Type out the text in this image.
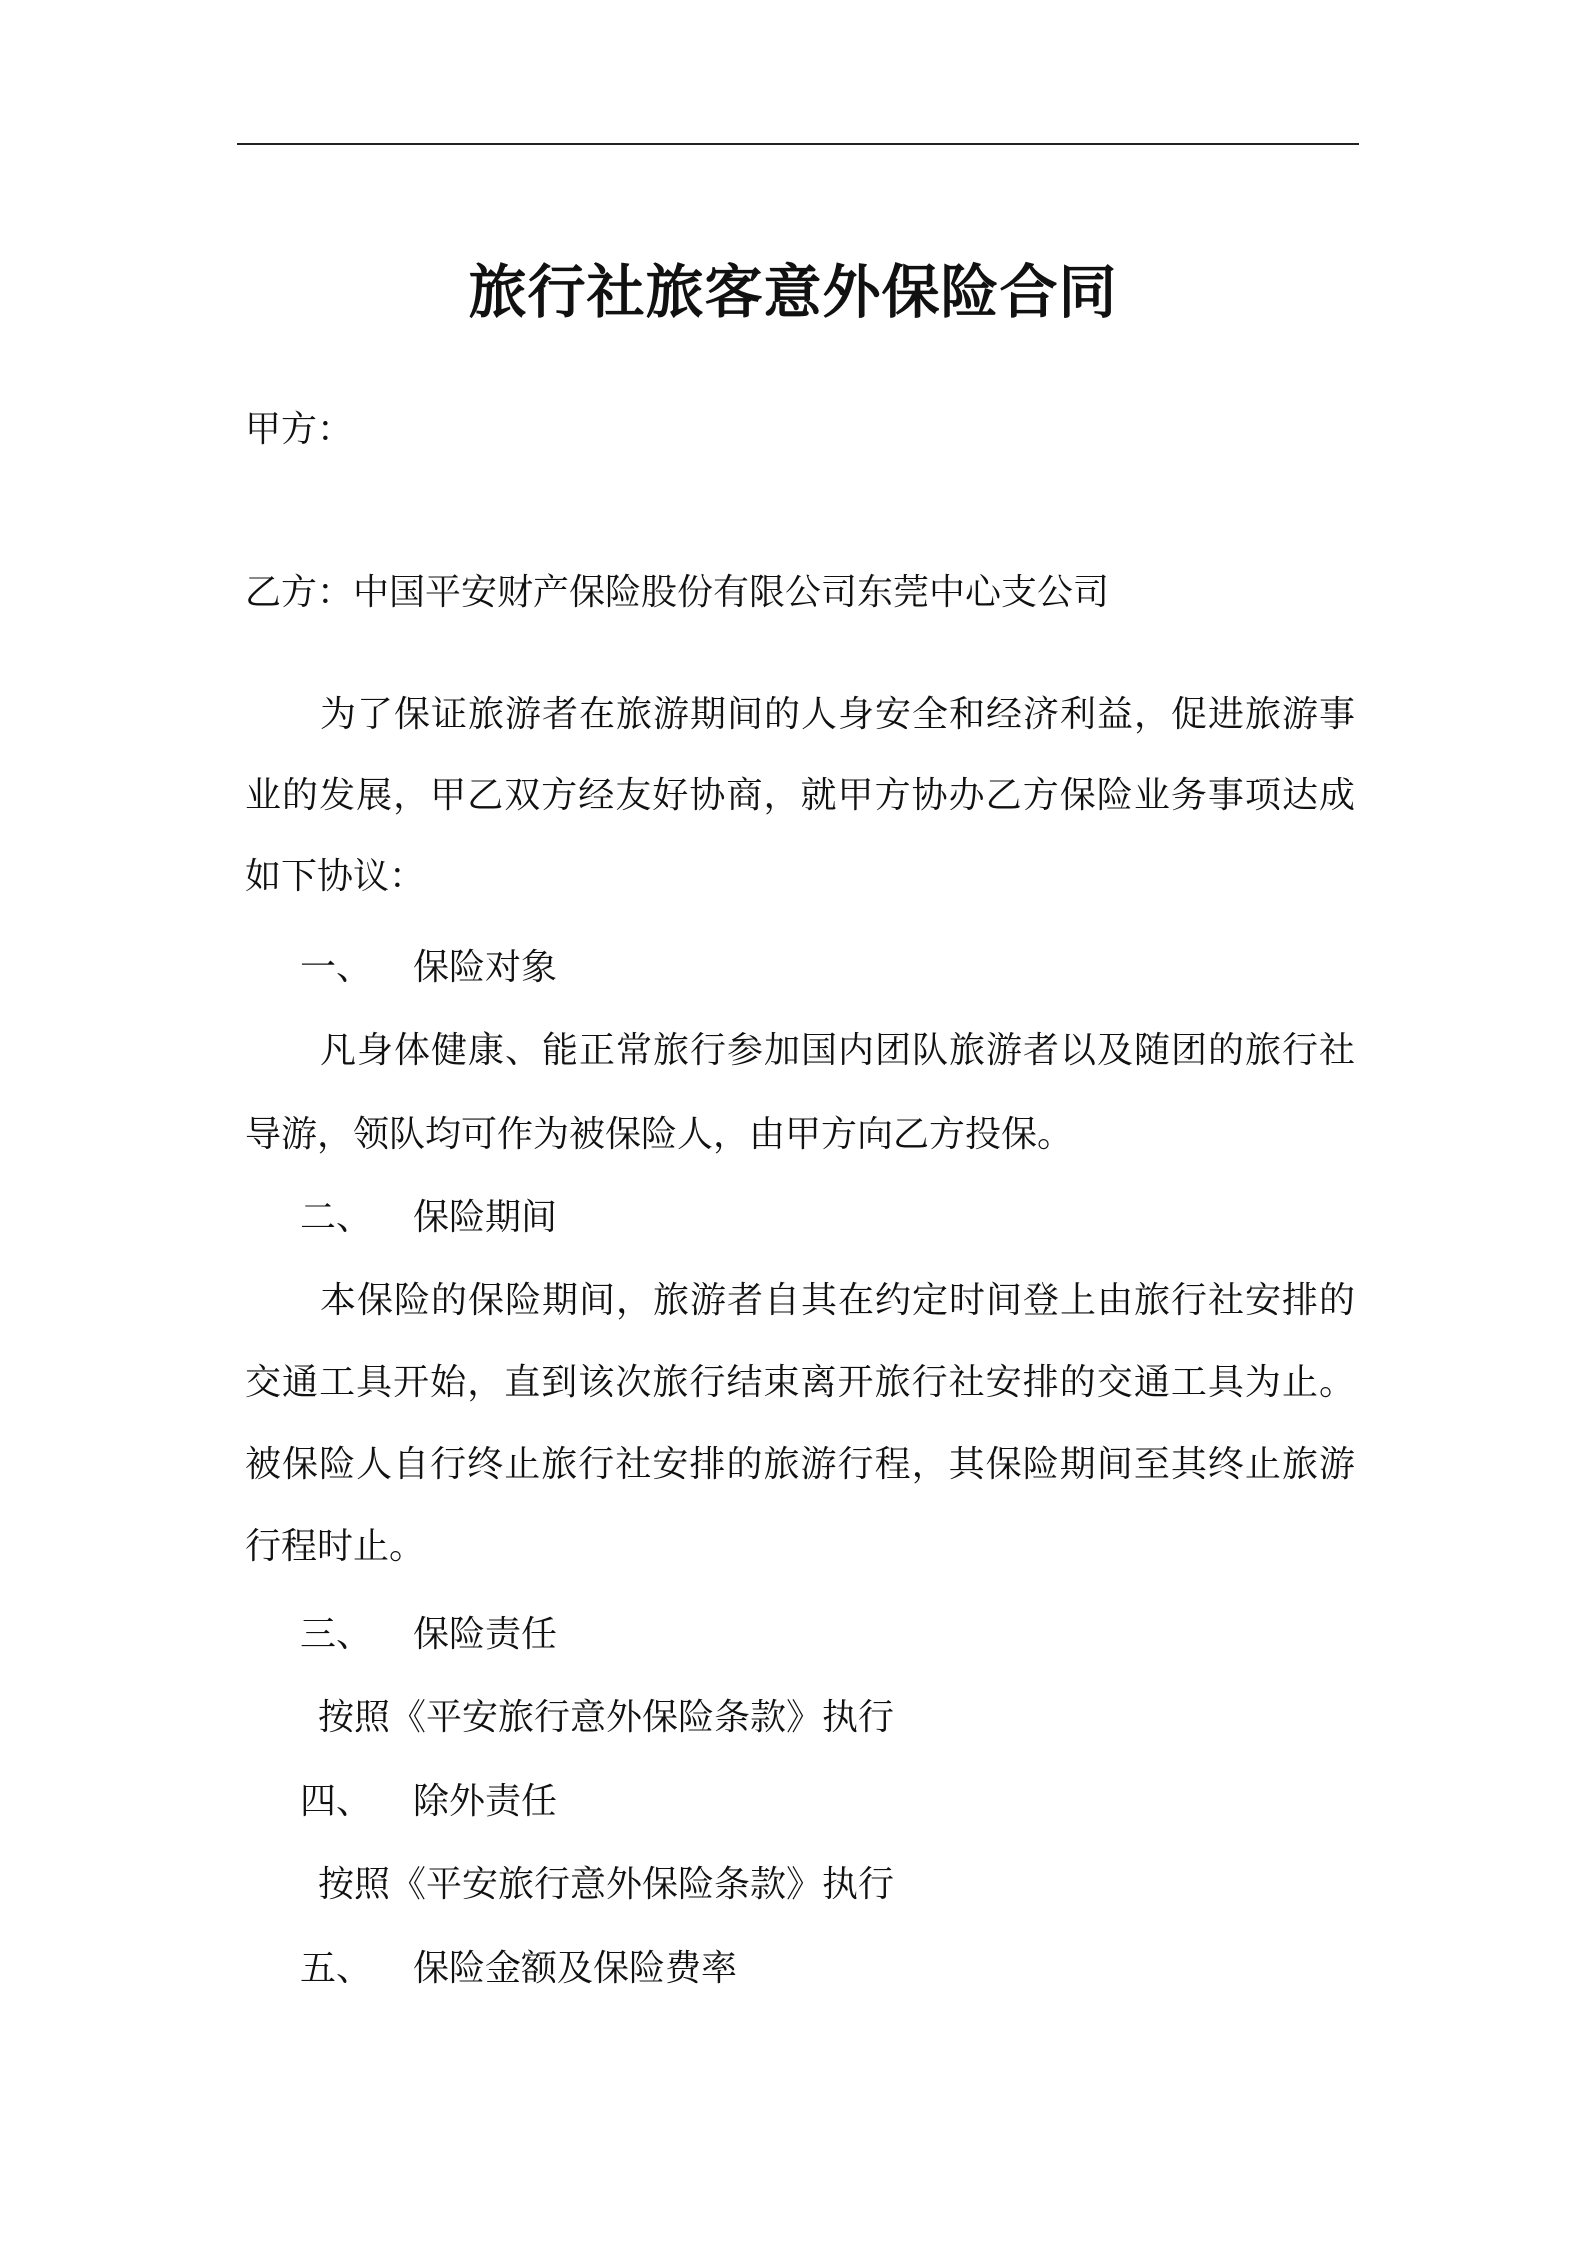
旅行社旅客意外保险合同
甲方：
乙方：中国平安财产保险股份有限公司东莞中心支公司
为了保证旅游者在旅游期间的人身安全和经济利益，促进旅游事
业的发展，甲乙双方经友好协商，就甲方协办乙方保险业务事项达成
如下协议：
一、 保险对象
凡身体健康、能正常旅行参加国内团队旅游者以及随团的旅行社
导游，领队均可作为被保险人，由甲方向乙方投保。
二、 保险期间
本保险的保险期间，旅游者自其在约定时间登上由旅行社安排的
交通工具开始，直到该次旅行结束离开旅行社安排的交通工具为止。
被保险人自行终止旅行社安排的旅游行程，其保险期间至其终止旅游
行程时止。
三、 保险责任
按照《平安旅行意外保险条款》执行
四、 除外责任
按照《平安旅行意外保险条款》执行
五、 保险金额及保险费率
